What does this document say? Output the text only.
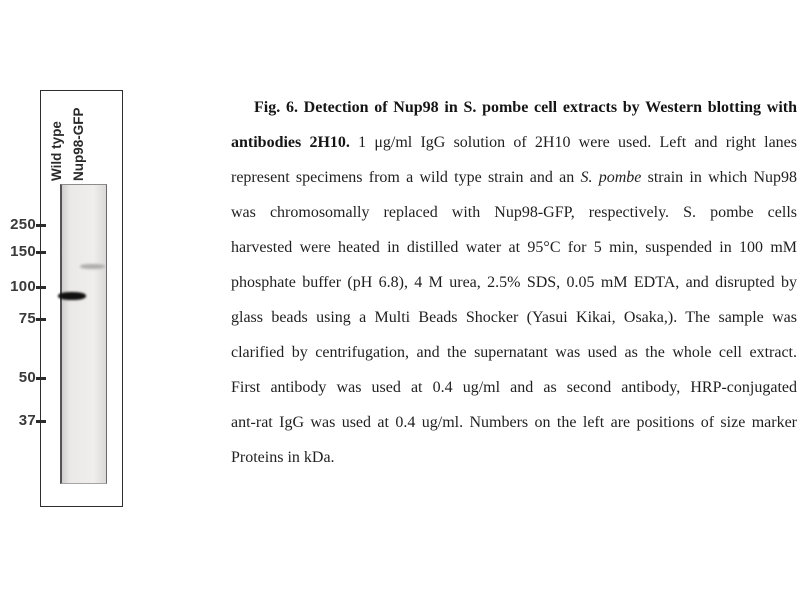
Wild type Nup98-GFP
250
150
100
75
50
37
Fig. 6. Detection of Nup98 in S. pombe cell extracts by Western blotting with
antibodies 2H10. 1 μg/ml IgG solution of 2H10 were used. Left and right lanes
represent specimens from a wild type strain and an S. pombe strain in which Nup98
was chromosomally replaced with Nup98-GFP, respectively. S. pombe cells
harvested were heated in distilled water at 95°C for 5 min, suspended in 100 mM
phosphate buffer (pH 6.8), 4 M urea, 2.5% SDS, 0.05 mM EDTA, and disrupted by
glass beads using a Multi Beads Shocker (Yasui Kikai, Osaka,). The sample was
clarified by centrifugation, and the supernatant was used as the whole cell extract.
First antibody was used at 0.4 ug/ml and as second antibody, HRP-conjugated
ant-rat IgG was used at 0.4 ug/ml. Numbers on the left are positions of size marker
Proteins in kDa.
